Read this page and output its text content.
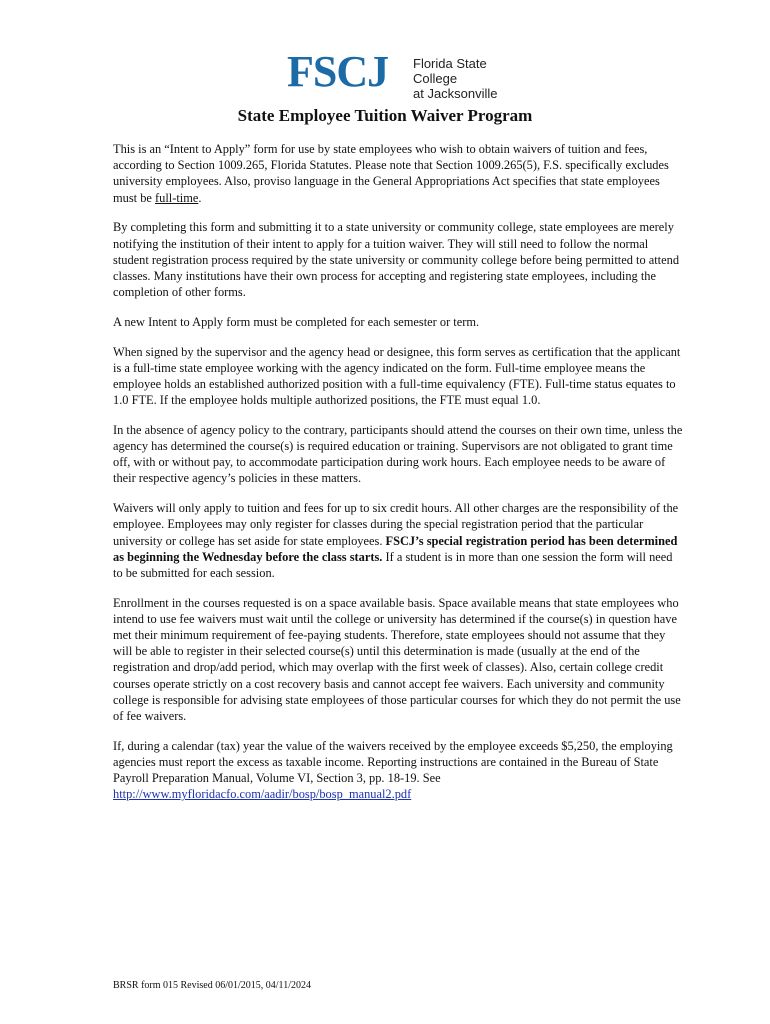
FSCJ Florida State College
at Jacksonville
State Employee Tuition Waiver Program

This is an “Intent to Apply” form for use by state employees who wish to obtain waivers of tuition and fees, according to Section 1009.265, Florida Statutes. Please note that Section 1009.265(5), F.S. specifically excludes university employees. Also, proviso language in the General Appropriations Act specifies that state employees must be full-time.

By completing this form and submitting it to a state university or community college, state employees are merely notifying the institution of their intent to apply for a tuition waiver. They will still need to follow the normal student registration process required by the state university or community college before being permitted to attend classes. Many institutions have their own process for accepting and registering state employees, including the completion of other forms.

A new Intent to Apply form must be completed for each semester or term.

When signed by the supervisor and the agency head or designee, this form serves as certification that the applicant is a full-time state employee working with the agency indicated on the form. Full-time employee means the employee holds an established authorized position with a full-time equivalency (FTE). Full-time status equates to 1.0 FTE. If the employee holds multiple authorized positions, the FTE must equal 1.0.

In the absence of agency policy to the contrary, participants should attend the courses on their own time, unless the agency has determined the course(s) is required education or training. Supervisors are not obligated to grant time off, with or without pay, to accommodate participation during work hours. Each employee needs to be aware of their respective agency’s policies in these matters.

Waivers will only apply to tuition and fees for up to six credit hours. All other charges are the responsibility of the employee. Employees may only register for classes during the special registration period that the particular university or college has set aside for state employees. FSCJ’s special registration period has been determined as beginning the Wednesday before the class starts. If a student is in more than one session the form will need to be submitted for each session.

Enrollment in the courses requested is on a space available basis. Space available means that state employees who intend to use fee waivers must wait until the college or university has determined if the course(s) in question have met their minimum requirement of fee-paying students. Therefore, state employees should not assume that they will be able to register in their selected course(s) until this determination is made (usually at the end of the registration and drop/add period, which may overlap with the first week of classes). Also, certain college credit courses operate strictly on a cost recovery basis and cannot accept fee waivers. Each university and community college is responsible for advising state employees of those particular courses for which they do not permit the use of fee waivers.

If, during a calendar (tax) year the value of the waivers received by the employee exceeds $5,250, the employing agencies must report the excess as taxable income. Reporting instructions are contained in the Bureau of State Payroll Preparation Manual, Volume VI, Section 3, pp. 18-19. See http://www.myfloridacfo.com/aadir/bosp/bosp_manual2.pdf

BRSR form 015 Revised 06/01/2015, 04/11/2024
